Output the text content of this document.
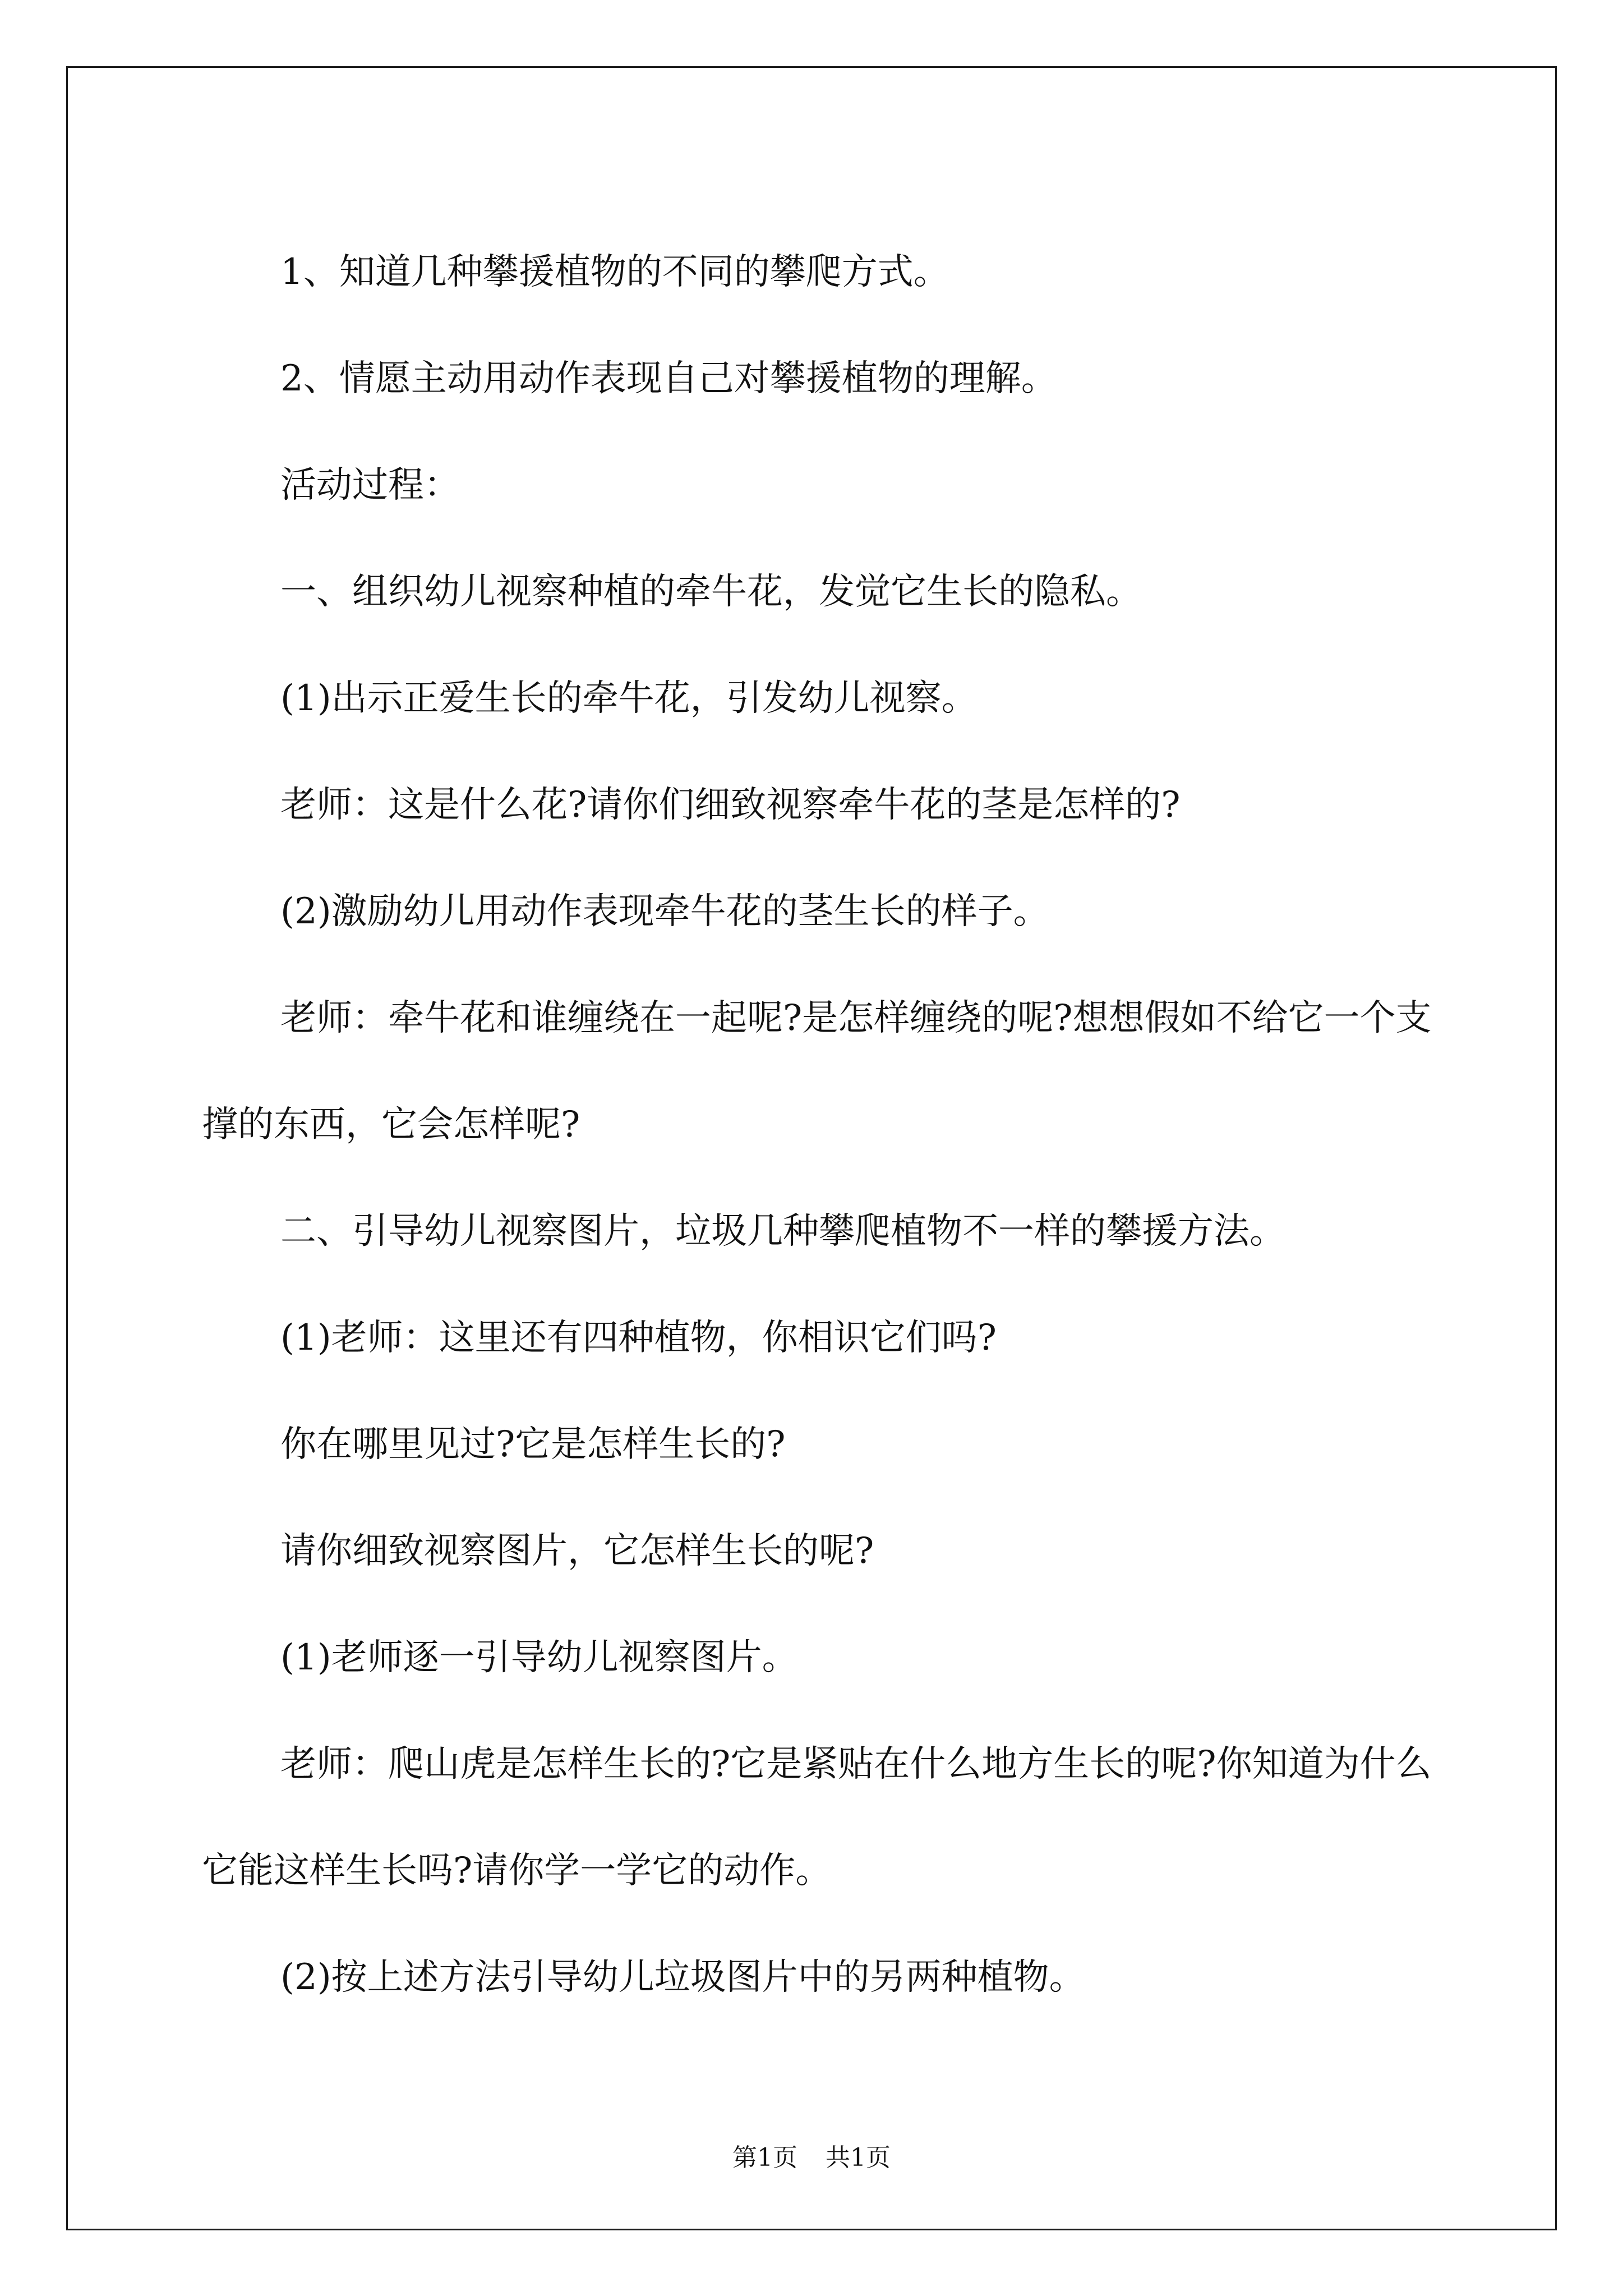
1、知道几种攀援植物的不同的攀爬方式。

2、情愿主动用动作表现自己对攀援植物的理解。

活动过程：

一、组织幼儿视察种植的牵牛花，发觉它生长的隐私。

(1)出示正爱生长的牵牛花，引发幼儿视察。

老师：这是什么花?请你们细致视察牵牛花的茎是怎样的?

(2)激励幼儿用动作表现牵牛花的茎生长的样子。

老师：牵牛花和谁缠绕在一起呢?是怎样缠绕的呢?想想假如不给它一个支撑的东西，它会怎样呢?

二、引导幼儿视察图片，垃圾几种攀爬植物不一样的攀援方法。

(1)老师：这里还有四种植物，你相识它们吗?

你在哪里见过?它是怎样生长的?

请你细致视察图片，它怎样生长的呢?

(1)老师逐一引导幼儿视察图片。

老师：爬山虎是怎样生长的?它是紧贴在什么地方生长的呢?你知道为什么它能这样生长吗?请你学一学它的动作。

(2)按上述方法引导幼儿垃圾图片中的另两种植物。

第1页 共1页
